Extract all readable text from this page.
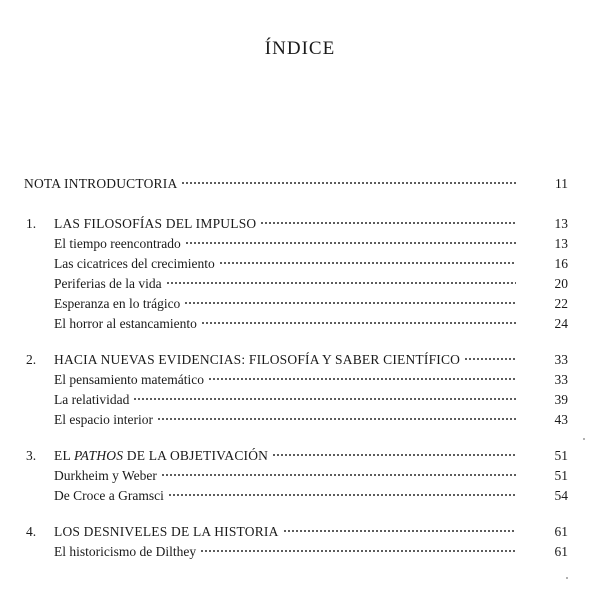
ÍNDICE
NOTA INTRODUCTORIA	11
1.	LAS FILOSOFÍAS DEL IMPULSO	13
El tiempo reencontrado	13
Las cicatrices del crecimiento	16
Periferias de la vida	20
Esperanza en lo trágico	22
El horror al estancamiento	24
2.	HACIA NUEVAS EVIDENCIAS: FILOSOFÍA Y SABER CIENTÍFICO	33
El pensamiento matemático	33
La relatividad	39
El espacio interior	43
3.	EL PATHOS DE LA OBJETIVACIÓN	51
Durkheim y Weber	51
De Croce a Gramsci	54
4.	LOS DESNIVELES DE LA HISTORIA	61
El historicismo de Dilthey	61
